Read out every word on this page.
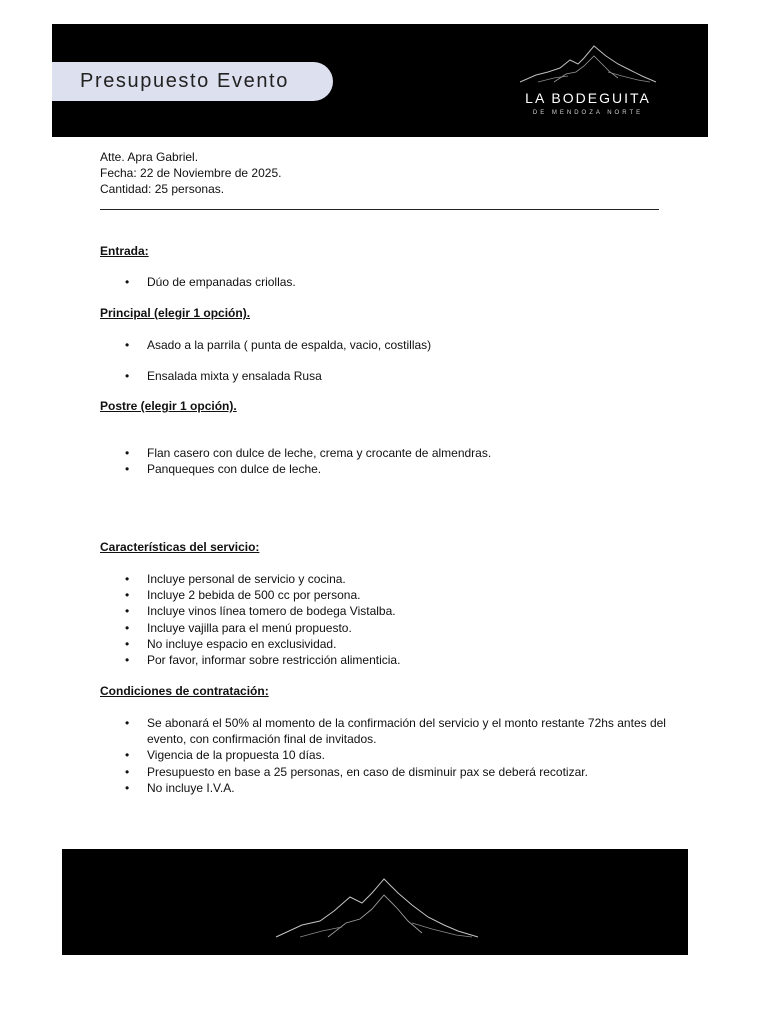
Presupuesto Evento
LA BODEGUITA
DE MENDOZA NORTE
Atte. Apra Gabriel.
Fecha: 22 de Noviembre de 2025.
Cantidad: 25 personas.
Entrada:
• Dúo de empanadas criollas.
Principal (elegir 1 opción).
• Asado a la parrila ( punta de espalda, vacio, costillas)
• Ensalada mixta y ensalada Rusa
Postre (elegir 1 opción).
• Flan casero con dulce de leche, crema y crocante de almendras.
• Panqueques con dulce de leche.
Características del servicio:
• Incluye personal de servicio y cocina.
• Incluye 2 bebida de 500 cc por persona.
• Incluye vinos línea tomero de bodega Vistalba.
• Incluye vajilla para el menú propuesto.
• No incluye espacio en exclusividad.
• Por favor, informar sobre restricción alimenticia.
Condiciones de contratación:
• Se abonará el 50% al momento de la confirmación del servicio y el monto restante 72hs antes del evento, con confirmación final de invitados.
• Vigencia de la propuesta 10 días.
• Presupuesto en base a 25 personas, en caso de disminuir pax se deberá recotizar.
• No incluye I.V.A.
